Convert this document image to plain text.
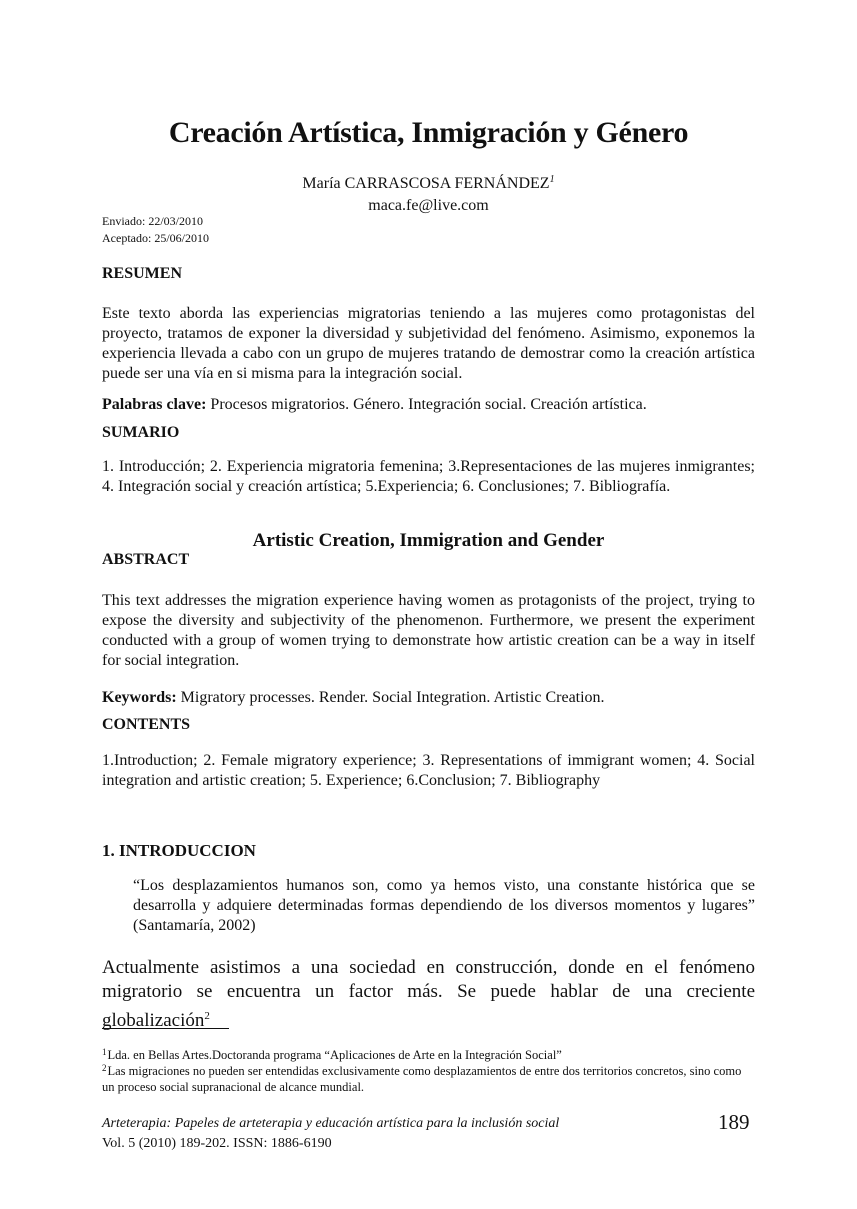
Creación Artística, Inmigración y Género
María CARRASCOSA FERNÁNDEZ$^1$
maca.fe@live.com
Enviado: 22/03/2010
Aceptado: 25/06/2010
RESUMEN
Este texto aborda las experiencias migratorias teniendo a las mujeres como protagonistas del proyecto, tratamos de exponer la diversidad y subjetividad del fenómeno. Asimismo, exponemos la experiencia llevada a cabo con un grupo de mujeres tratando de demostrar como la creación artística puede ser una vía en si misma para la integración social.
Palabras clave: Procesos migratorios. Género. Integración social. Creación artística.
SUMARIO
1. Introducción; 2. Experiencia migratoria femenina; 3.Representaciones de las mujeres inmigrantes; 4. Integración social y creación artística; 5.Experiencia; 6. Conclusiones; 7. Bibliografía.
Artistic Creation, Immigration and Gender
ABSTRACT
This text addresses the migration experience having women as protagonists of the project, trying to expose the diversity and subjectivity of the phenomenon. Furthermore, we present the experiment conducted with a group of women trying to demonstrate how artistic creation can be a way in itself for social integration.
Keywords: Migratory processes. Render. Social Integration. Artistic Creation.
CONTENTS
1.Introduction; 2. Female migratory experience; 3. Representations of immigrant women; 4. Social integration and artistic creation; 5. Experience; 6.Conclusion; 7. Bibliography
1. INTRODUCCION
“Los desplazamientos humanos son, como ya hemos visto, una constante histórica que se desarrolla y adquiere determinadas formas dependiendo de los diversos momentos y lugares” (Santamaría, 2002)
Actualmente asistimos a una sociedad en construcción, donde en el fenómeno migratorio se encuentra un factor más. Se puede hablar de una creciente globalización$^2$
$^1$Lda. en Bellas Artes.Doctoranda programa “Aplicaciones de Arte en la Integración Social”
$^2$Las migraciones no pueden ser entendidas exclusivamente como desplazamientos de entre dos territorios concretos, sino como un proceso social supranacional de alcance mundial.
Arteterapia: Papeles de arteterapia y educación artística para la inclusión social
Vol. 5 (2010) 189-202. ISSN: 1886-6190
189
